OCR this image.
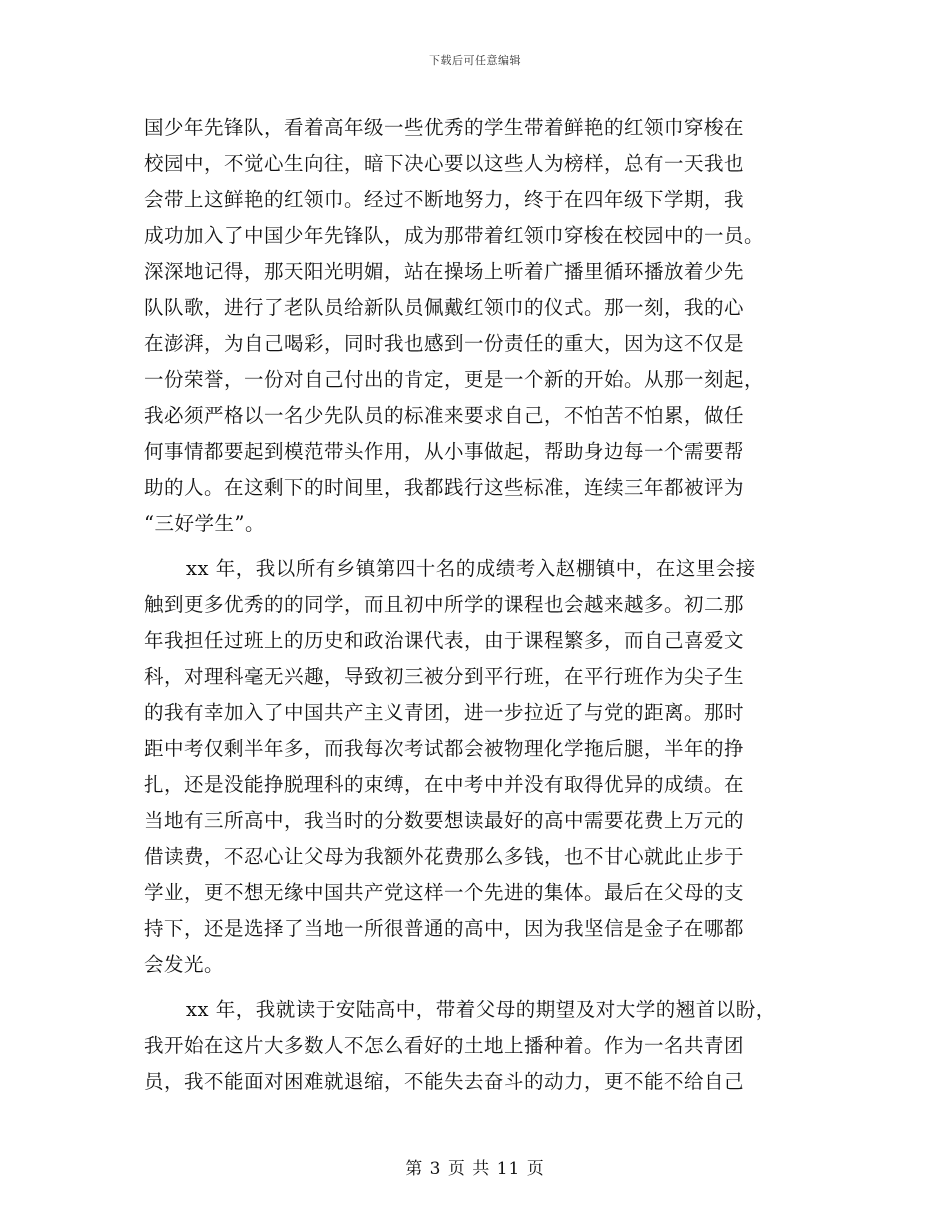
下载后可任意编辑
国少年先锋队，看着高年级一些优秀的学生带着鲜艳的红领巾穿梭在
校园中，不觉心生向往，暗下决心要以这些人为榜样，总有一天我也
会带上这鲜艳的红领巾。经过不断地努力，终于在四年级下学期，我
成功加入了中国少年先锋队，成为那带着红领巾穿梭在校园中的一员。
深深地记得，那天阳光明媚，站在操场上听着广播里循环播放着少先
队队歌，进行了老队员给新队员佩戴红领巾的仪式。那一刻，我的心
在澎湃，为自己喝彩，同时我也感到一份责任的重大，因为这不仅是
一份荣誉，一份对自己付出的肯定，更是一个新的开始。从那一刻起，
我必须严格以一名少先队员的标准来要求自己，不怕苦不怕累，做任
何事情都要起到模范带头作用，从小事做起，帮助身边每一个需要帮
助的人。在这剩下的时间里，我都践行这些标准，连续三年都被评为
“三好学生”。
xx 年，我以所有乡镇第四十名的成绩考入赵棚镇中，在这里会接
触到更多优秀的的同学，而且初中所学的课程也会越来越多。初二那
年我担任过班上的历史和政治课代表，由于课程繁多，而自己喜爱文
科，对理科毫无兴趣，导致初三被分到平行班，在平行班作为尖子生
的我有幸加入了中国共产主义青团，进一步拉近了与党的距离。那时
距中考仅剩半年多，而我每次考试都会被物理化学拖后腿，半年的挣
扎，还是没能挣脱理科的束缚，在中考中并没有取得优异的成绩。在
当地有三所高中，我当时的分数要想读最好的高中需要花费上万元的
借读费，不忍心让父母为我额外花费那么多钱，也不甘心就此止步于
学业，更不想无缘中国共产党这样一个先进的集体。最后在父母的支
持下，还是选择了当地一所很普通的高中，因为我坚信是金子在哪都
会发光。
xx 年，我就读于安陆高中，带着父母的期望及对大学的翘首以盼，
我开始在这片大多数人不怎么看好的土地上播种着。作为一名共青团
员，我不能面对困难就退缩，不能失去奋斗的动力，更不能不给自己
第 3 页 共 11 页
